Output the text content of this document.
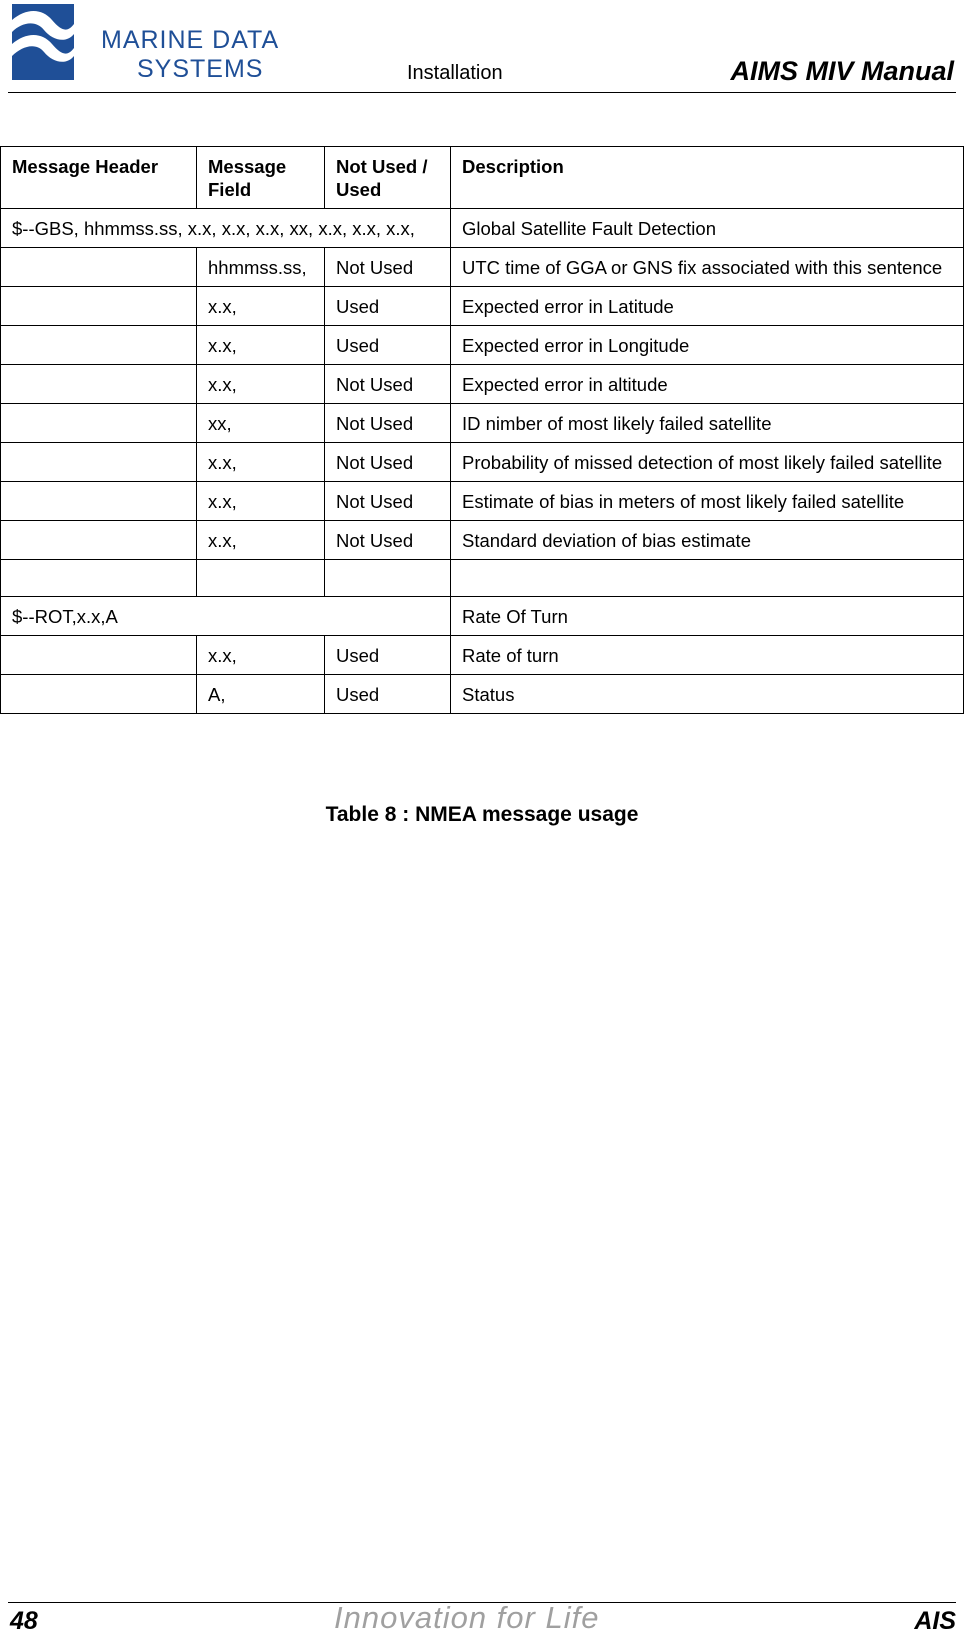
MARINE DATA
SYSTEMS	Installation	AIMS MIV Manual
Message Header	Message Field	Not Used / Used	Description
$--GBS, hhmmss.ss, x.x, x.x, x.x, xx, x.x, x.x, x.x,			Global Satellite Fault Detection
	hhmmss.ss,	Not Used	UTC time of GGA or GNS fix associated with this sentence
	x.x,	Used	Expected error in Latitude
	x.x,	Used	Expected error in Longitude
	x.x,	Not Used	Expected error in altitude
	xx,	Not Used	ID nimber of most likely failed satellite
	x.x,	Not Used	Probability of missed detection of most likely failed satellite
	x.x,	Not Used	Estimate of bias in meters of most likely failed satellite
	x.x,	Not Used	Standard deviation of bias estimate

$--ROT,x.x,A			Rate Of Turn
	x.x,	Used	Rate of turn
	A,	Used	Status
Table 8 : NMEA message usage
48	Innovation for Life	AIS
